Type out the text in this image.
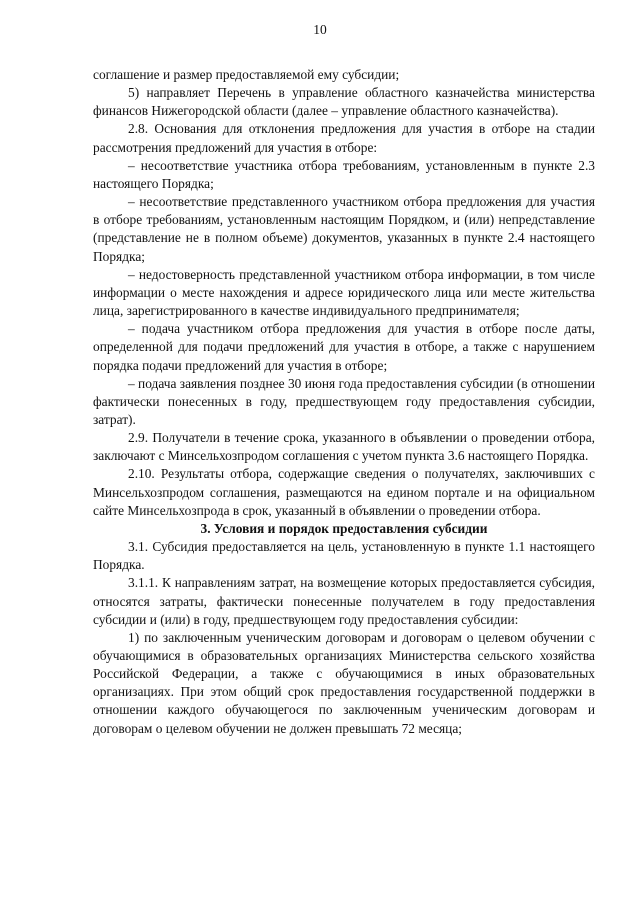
10

соглашение и размер предоставляемой ему субсидии;

5) направляет Перечень в управление областного казначейства министерства финансов Нижегородской области (далее – управление областного казначейства).

2.8. Основания для отклонения предложения для участия в отборе на стадии рассмотрения предложений для участия в отборе:

– несоответствие участника отбора требованиям, установленным в пункте 2.3 настоящего Порядка;

– несоответствие представленного участником отбора предложения для участия в отборе требованиям, установленным настоящим Порядком, и (или) непредставление (представление не в полном объеме) документов, указанных в пункте 2.4 настоящего Порядка;

– недостоверность представленной участником отбора информации, в том числе информации о месте нахождения и адресе юридического лица или месте жительства лица, зарегистрированного в качестве индивидуального предпринимателя;

– подача участником отбора предложения для участия в отборе после даты, определенной для подачи предложений для участия в отборе, а также с нарушением порядка подачи предложений для участия в отборе;

– подача заявления позднее 30 июня года предоставления субсидии (в отношении фактически понесенных в году, предшествующем году предоставления субсидии, затрат).

2.9. Получатели в течение срока, указанного в объявлении о проведении отбора, заключают с Минсельхозпродом соглашения с учетом пункта 3.6 настоящего Порядка.

2.10. Результаты отбора, содержащие сведения о получателях, заключивших с Минсельхозпродом соглашения, размещаются на едином портале и на официальном сайте Минсельхозпрода в срок, указанный в объявлении о проведении отбора.

3. Условия и порядок предоставления субсидии

3.1. Субсидия предоставляется на цель, установленную в пункте 1.1 настоящего Порядка.

3.1.1. К направлениям затрат, на возмещение которых предоставляется субсидия, относятся затраты, фактически понесенные получателем в году предоставления субсидии и (или) в году, предшествующем году предоставления субсидии:

1) по заключенным ученическим договорам и договорам о целевом обучении с обучающимися в образовательных организациях Министерства сельского хозяйства Российской Федерации, а также с обучающимися в иных образовательных организациях. При этом общий срок предоставления государственной поддержки в отношении каждого обучающегося по заключенным ученическим договорам и договорам о целевом обучении не должен превышать 72 месяца;
